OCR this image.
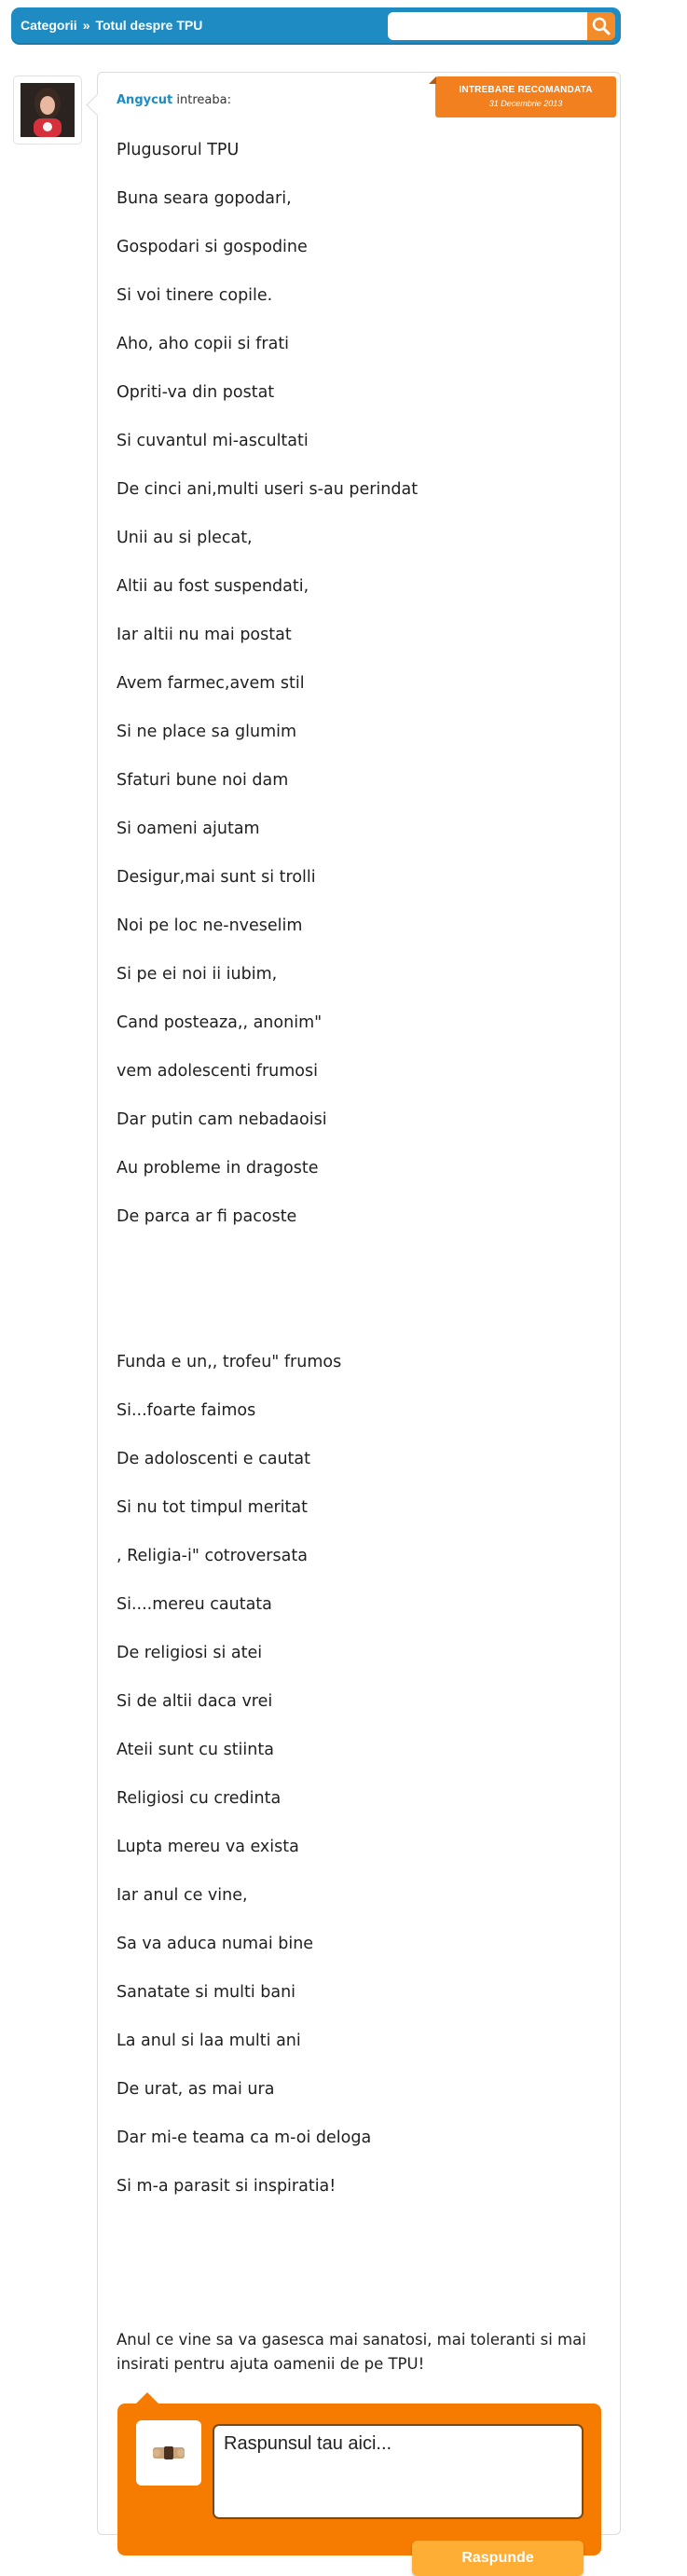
Categorii » Totul despre TPU
Angycut intreaba:
INTREBARE RECOMANDATA
31 Decembrie 2013
Plugusorul TPU
Buna seara gopodari,
Gospodari si gospodine
Si voi tinere copile.
Aho, aho copii si frati
Opriti-va din postat
Si cuvantul mi-ascultati
De cinci ani,multi useri s-au perindat
Unii au si plecat,
Altii au fost suspendati,
Iar altii nu mai postat
Avem farmec,avem stil
Si ne place sa glumim
Sfaturi bune noi dam
Si oameni ajutam
Desigur,mai sunt si trolli
Noi pe loc ne-nveselim
Si pe ei noi ii iubim,
Cand posteaza,, anonim"
vem adolescenti frumosi
Dar putin cam nebadaoisi
Au probleme in dragoste
De parca ar fi pacoste
Funda e un,, trofeu" frumos
Si...foarte faimos
De adoloscenti e cautat
Si nu tot timpul meritat
, Religia-i" cotroversata
Si....mereu cautata
De religiosi si atei
Si de altii daca vrei
Ateii sunt cu stiinta
Religiosi cu credinta
Lupta mereu va exista
Iar anul ce vine,
Sa va aduca numai bine
Sanatate si multi bani
La anul si laa multi ani
De urat, as mai ura
Dar mi-e teama ca m-oi deloga
Si m-a parasit si inspiratia!
Anul ce vine sa va gasesca mai sanatosi, mai toleranti si mai insirati pentru ajuta oamenii de pe TPU!
Raspunsul tau aici...
Raspunde
